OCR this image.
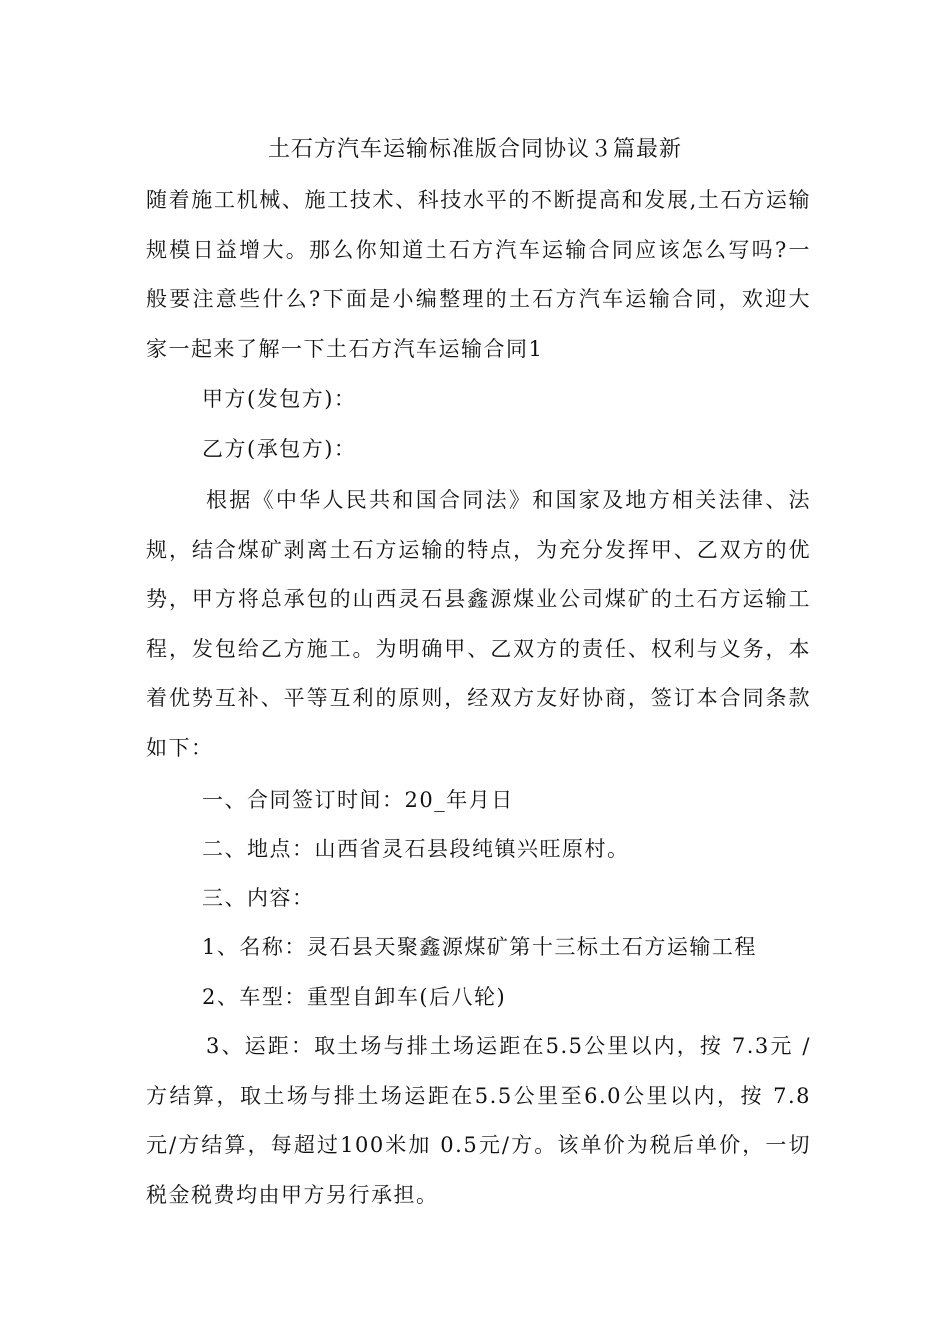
土石方汽车运输标准版合同协议３篇最新
随着施工机械、施工技术、科技水平的不断提高和发展,土石方运输规模日益增大。那么你知道土石方汽车运输合同应该怎么写吗?一般要注意些什么?下面是小编整理的土石方汽车运输合同，欢迎大家一起来了解一下土石方汽车运输合同1
甲方(发包方)：
乙方(承包方)：
根据《中华人民共和国合同法》和国家及地方相关法律、法规，结合煤矿剥离土石方运输的特点，为充分发挥甲、乙双方的优势，甲方将总承包的山西灵石县鑫源煤业公司煤矿的土石方运输工程，发包给乙方施工。为明确甲、乙双方的责任、权利与义务，本着优势互补、平等互利的原则，经双方友好协商，签订本合同条款如下：
一、合同签订时间：20_年月日
二、地点：山西省灵石县段纯镇兴旺原村。
三、内容：
1、名称：灵石县天聚鑫源煤矿第十三标土石方运输工程
2、车型：重型自卸车(后八轮)
3、运距：取土场与排土场运距在5.5公里以内，按 7.3元 /方结算，取土场与排土场运距在5.5公里至6.0公里以内，按 7.8元/方结算，每超过100米加 0.5元/方。该单价为税后单价，一切税金税费均由甲方另行承担。
